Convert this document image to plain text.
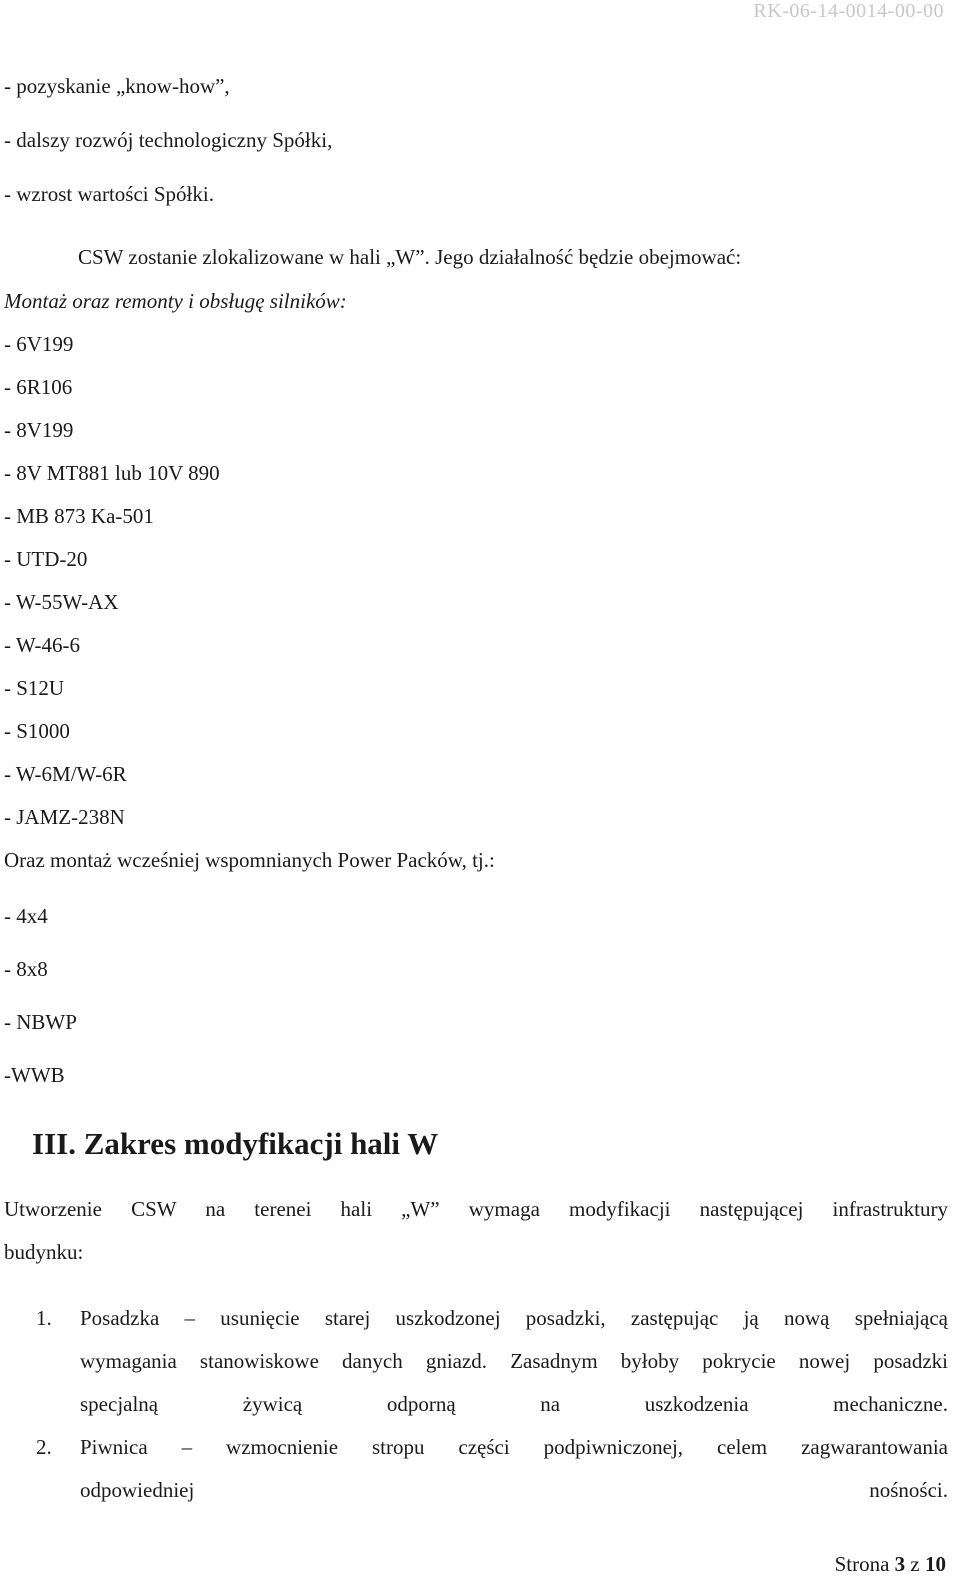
RK-06-14-0014-00-00
- pozyskanie „know-how”,
- dalszy rozwój technologiczny Spółki,
- wzrost wartości Spółki.
CSW zostanie zlokalizowane w hali „W”. Jego działalność będzie obejmować:
Montaż oraz remonty i obsługę silników:
- 6V199
- 6R106
- 8V199
- 8V MT881 lub 10V 890
- MB 873 Ka-501
- UTD-20
- W-55W-AX
- W-46-6
- S12U
- S1000
- W-6M/W-6R
- JAMZ-238N
Oraz montaż wcześniej wspomnianych Power Packów, tj.:
- 4x4
- 8x8
- NBWP
-WWB
III. Zakres modyfikacji hali W
Utworzenie CSW na terenei hali „W” wymaga modyfikacji następującej infrastruktury
budynku:
1. Posadzka – usunięcie starej uszkodzonej posadzki, zastępując ją nową spełniającą
wymagania stanowiskowe danych gniazd. Zasadnym byłoby pokrycie nowej posadzki
specjalną żywicą odporną na uszkodzenia mechaniczne.
2. Piwnica – wzmocnienie stropu części podpiwniczonej, celem zagwarantowania
odpowiedniej nośności.
Strona 3 z 10
